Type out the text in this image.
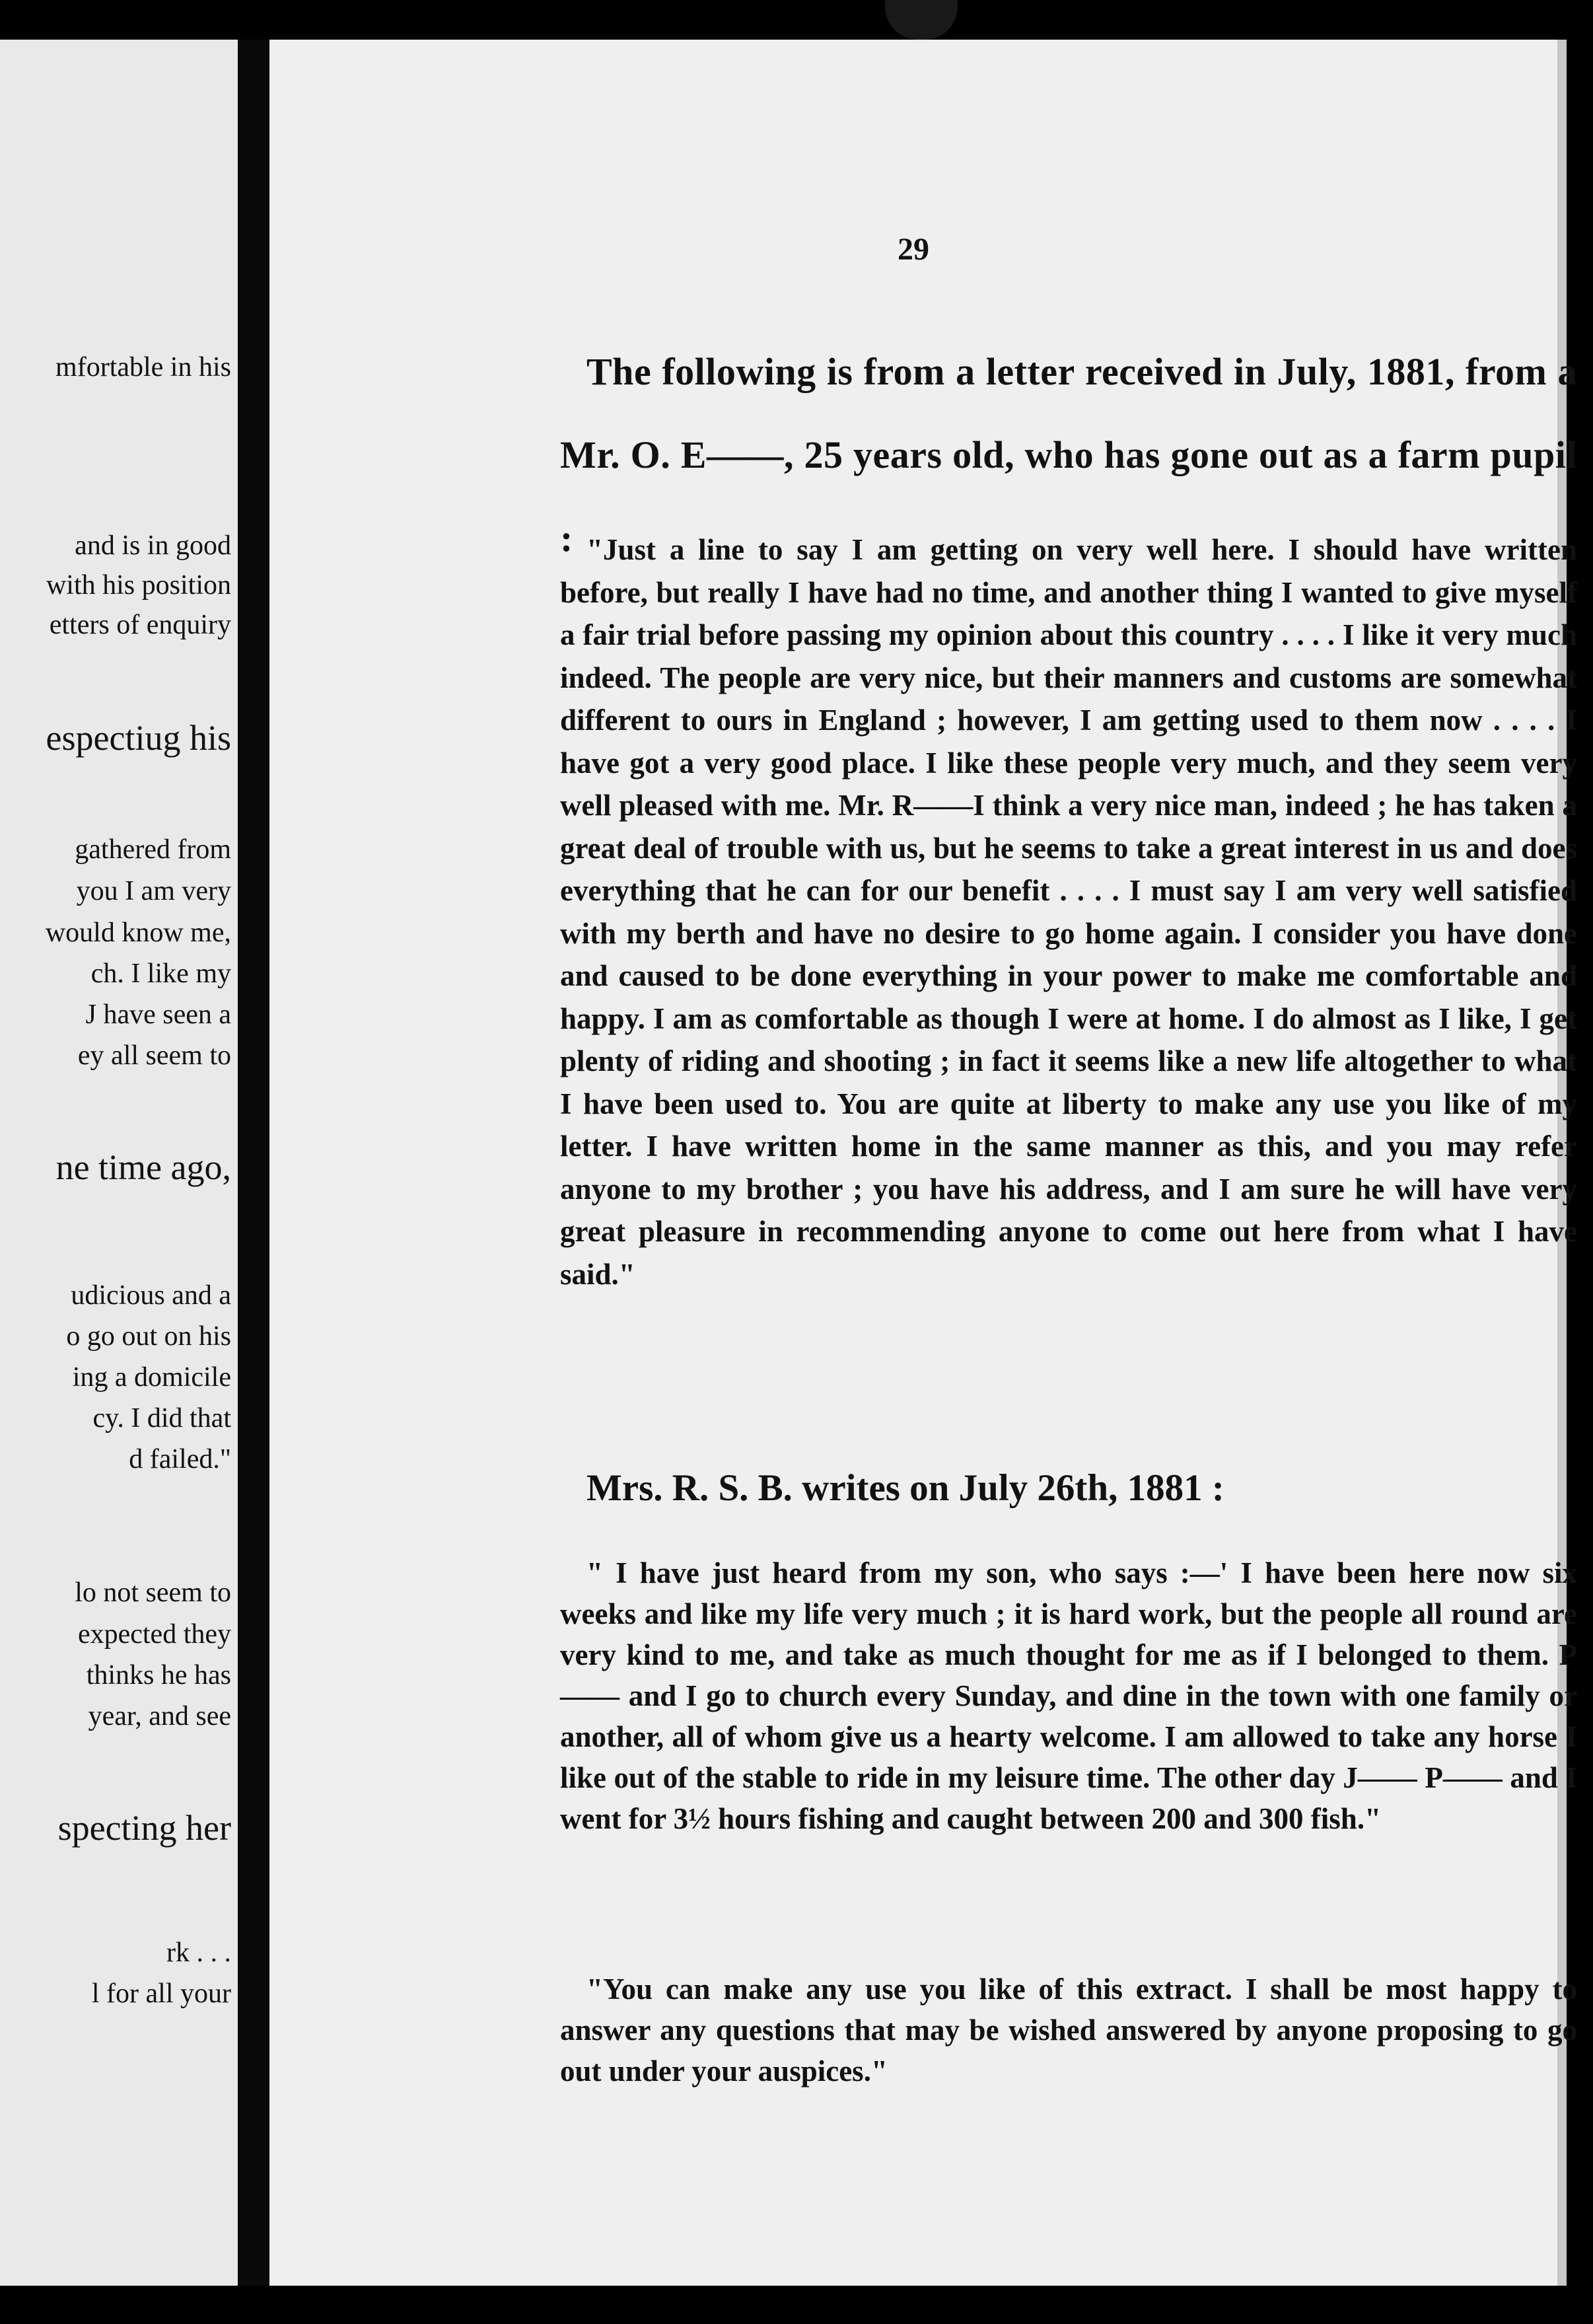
mfortable in his
and is in good
with his position
etters of enquiry
espectiug his
gathered from
you I am very
would know me,
ch. I like my
J have seen a
ey all seem to
ne time ago,
udicious and a
o go out on his
ing a domicile
cy. I did that
d failed."
lo not seem to
expected they
thinks he has
year, and see
specting her
rk . . .
l for all your
29

The following is from a letter received in July, 1881, from a Mr. O. E——, 25 years old, who has gone out as a farm pupil : "Just a line to say I am getting on very well here. I should have written before, but really I have had no time, and another thing I wanted to give myself a fair trial before passing my opinion about this country . . . . I like it very much indeed. The people are very nice, but their manners and customs are somewhat different to ours in England ; however, I am getting used to them now . . . . I have got a very good place. I like these people very much, and they seem very well pleased with me. Mr. R——I think a very nice man, indeed ; he has taken a great deal of trouble with us, but he seems to take a great interest in us and does everything that he can for our benefit . . . . I must say I am very well satisfied with my berth and have no desire to go home again. I consider you have done and caused to be done everything in your power to make me comfortable and happy. I am as comfortable as though I were at home. I do almost as I like, I get plenty of riding and shooting ; in fact it seems like a new life altogether to what I have been used to. You are quite at liberty to make any use you like of my letter. I have written home in the same manner as this, and you may refer anyone to my brother ; you have his address, and I am sure he will have very great pleasure in recommending anyone to come out here from what I have said."

Mrs. R. S. B. writes on July 26th, 1881 :

" I have just heard from my son, who says :—' I have been here now six weeks and like my life very much ; it is hard work, but the people all round are very kind to me, and take as much thought for me as if I belonged to them. P—— and I go to church every Sunday, and dine in the town with one family or another, all of whom give us a hearty welcome. I am allowed to take any horse I like out of the stable to ride in my leisure time. The other day J—— P—— and I went for 3½ hours fishing and caught between 200 and 300 fish."

"You can make any use you like of this extract. I shall be most happy to answer any questions that may be wished answered by anyone proposing to go out under your auspices."
